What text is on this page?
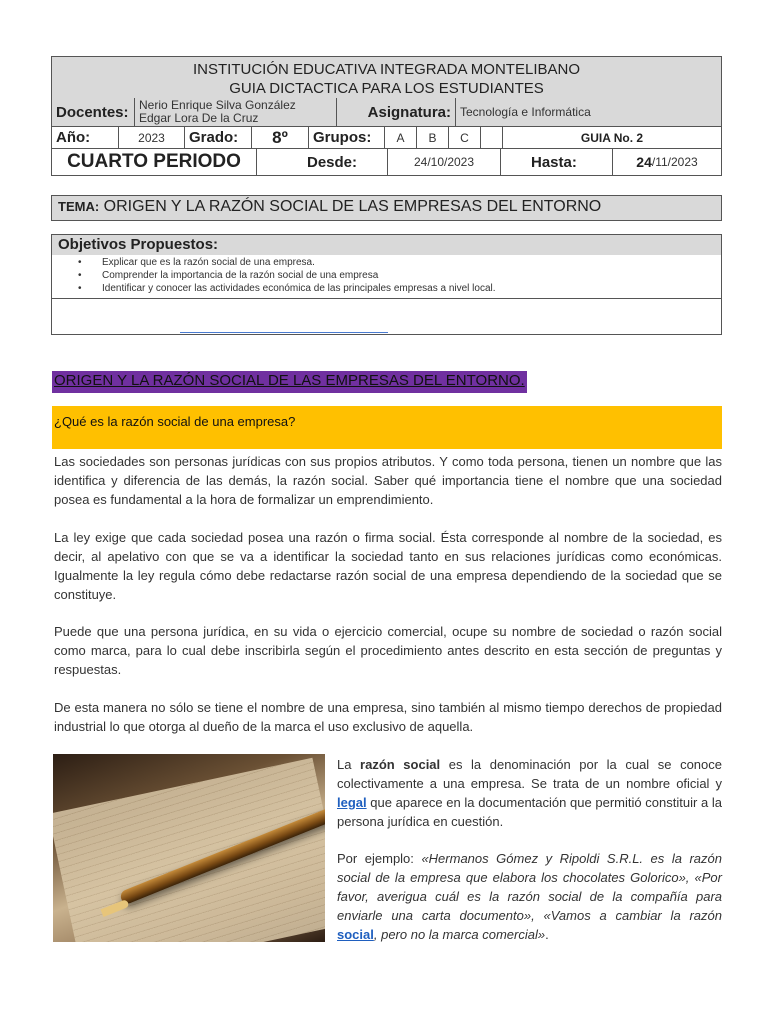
INSTITUCIÓN EDUCATIVA INTEGRADA MONTELIBANO
GUIA DICTACTICA PARA LOS ESTUDIANTES
Docentes: Nerio Enrique Silva González
Edgar Lora De la Cruz	Asignatura: Tecnología e Informática
Año:	2023	Grado:	8º	Grupos:	A	B	C	GUIA No. 2
CUARTO PERIODO	Desde:	24/10/2023	Hasta:	24 /11/2023
TEMA: ORIGEN Y LA RAZÓN SOCIAL DE LAS EMPRESAS DEL ENTORNO
Objetivos Propuestos:
• Explicar que es la razón social de una empresa.
• Comprender la importancia de la razón social de una empresa
• Identificar y conocer las actividades económica de las principales empresas a nivel local.
ORIGEN Y LA RAZÓN SOCIAL DE LAS EMPRESAS DEL ENTORNO.
¿Qué es la razón social de una empresa?

Las sociedades son personas jurídicas con sus propios atributos. Y como toda persona, tienen un nombre que las identifica y diferencia de las demás, la razón social. Saber qué importancia tiene el nombre que una sociedad posea es fundamental a la hora de formalizar un emprendimiento.

La ley exige que cada sociedad posea una razón o firma social. Ésta corresponde al nombre de la sociedad, es decir, al apelativo con que se va a identificar la sociedad tanto en sus relaciones jurídicas como económicas. Igualmente la ley regula cómo debe redactarse razón social de una empresa dependiendo de la sociedad que se constituye.

Puede que una persona jurídica, en su vida o ejercicio comercial, ocupe su nombre de sociedad o razón social como marca, para lo cual debe inscribirla según el procedimiento antes descrito en esta sección de preguntas y respuestas.

De esta manera no sólo se tiene el nombre de una empresa, sino también al mismo tiempo derechos de propiedad industrial lo que otorga al dueño de la marca el uso exclusivo de aquella.

La razón social es la denominación por la cual se conoce colectivamente a una empresa. Se trata de un nombre oficial y legal que aparece en la documentación que permitió constituir a la persona jurídica en cuestión.

Por ejemplo: «Hermanos Gómez y Ripoldi S.R.L. es la razón social de la empresa que elabora los chocolates Golorico», «Por favor, averigua cuál es la razón social de la compañía para enviarle una carta documento», «Vamos a cambiar la razón social, pero no la marca comercial».
